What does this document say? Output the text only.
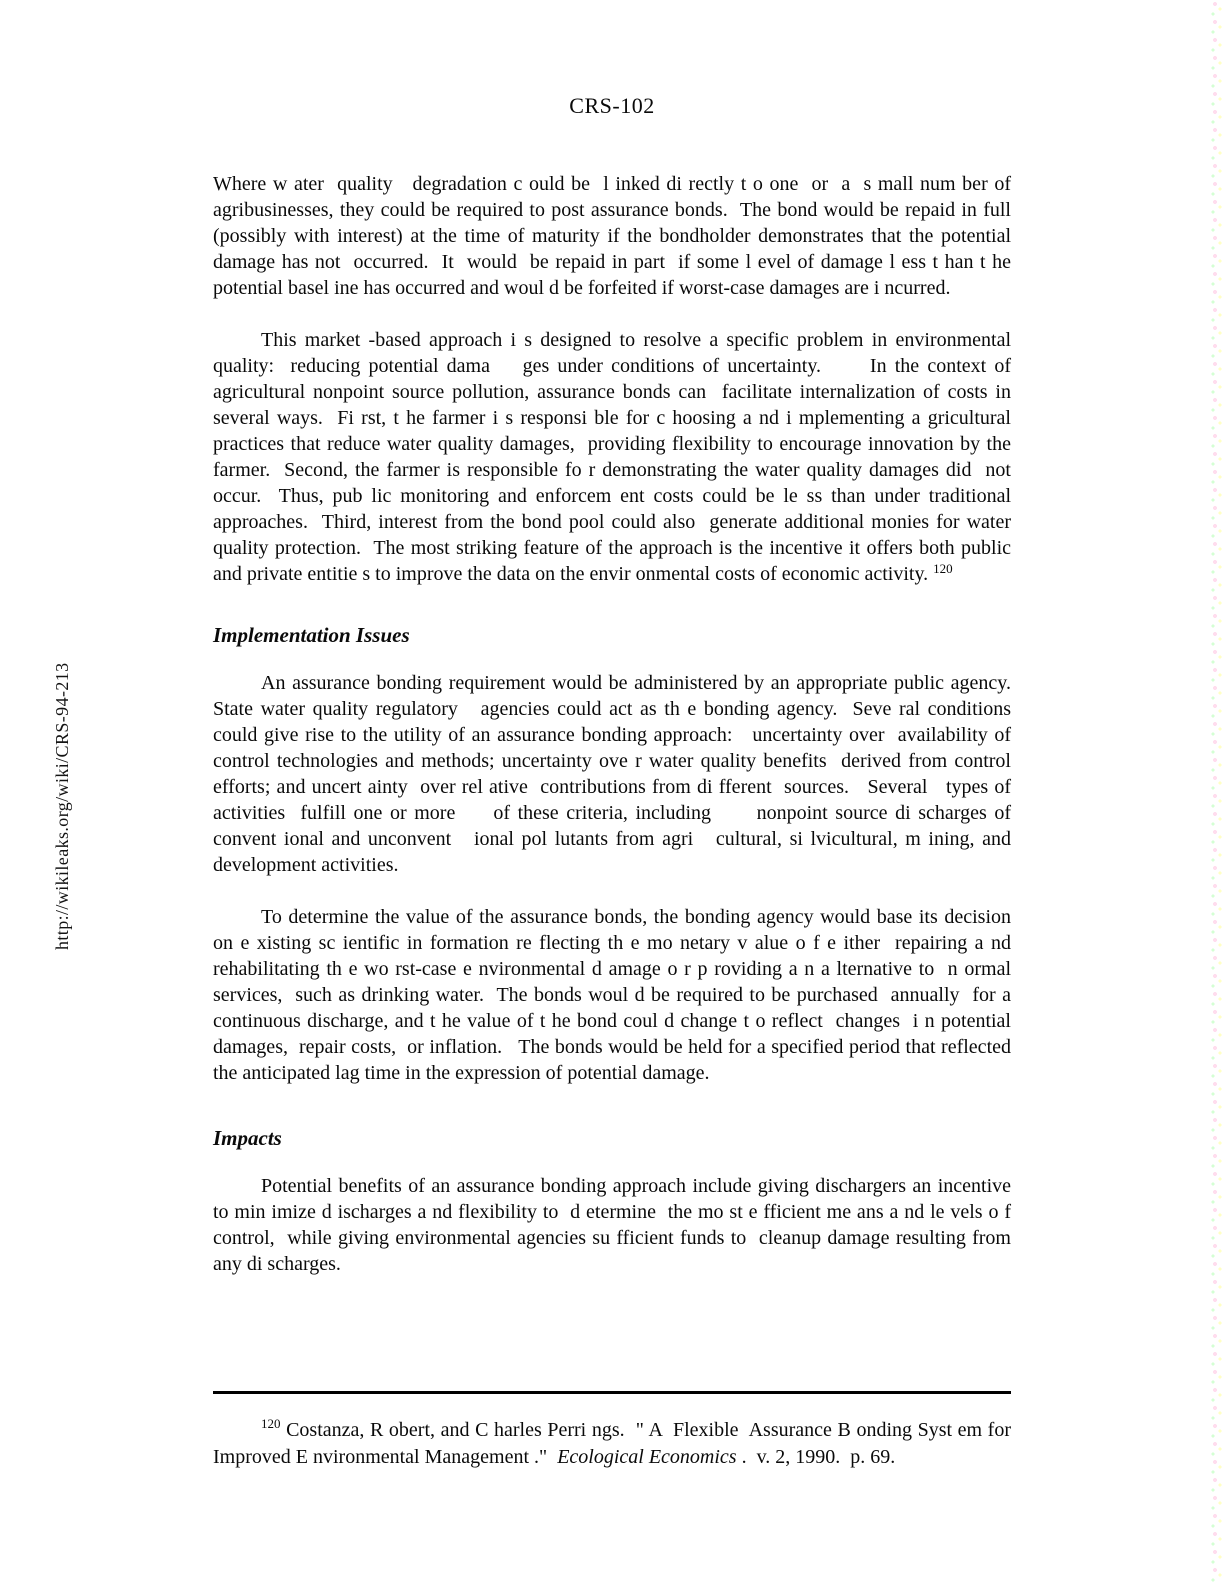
http://wikileaks.org/wiki/CRS-94-213
CRS-102

Where w ater  quality   degradation c ould be  l inked di rectly t o one  or  a  s mall num ber of agribusinesses, they could be required to post assurance bonds.  The bond would be repaid in full (possibly with interest) at the time of maturity if the bondholder demonstrates that the potential damage has not  occurred.  It  would  be repaid in part  if some l evel of damage l ess t han t he potential basel ine has occurred and woul d be forfeited if worst-case damages are i ncurred.

This market -based approach i s designed to resolve a specific problem in environmental quality:  reducing potential dama    ges under conditions of uncertainty.      In the context of agricultural nonpoint source pollution, assurance bonds can  facilitate internalization of costs in several ways.  Fi rst, t he farmer i s responsi ble for c hoosing a nd i mplementing a gricultural practices that reduce water quality damages,  providing flexibility to encourage innovation by the farmer.  Second, the farmer is responsible fo r demonstrating the water quality damages did  not occur.  Thus, pub lic monitoring and enforcem ent costs could be le ss than under traditional approaches.  Third, interest from the bond pool could also  generate additional monies for water quality protection.  The most striking feature of the approach is the incentive it offers both public and private entitie s to improve the data on the envir onmental costs of economic activity. $^{120}$

Implementation Issues

An assurance bonding requirement would be administered by an appropriate public agency. State water quality regulatory   agencies could act as th e bonding agency.  Seve ral conditions could give rise to the utility of an assurance bonding approach:   uncertainty over  availability of control technologies and methods; uncertainty ove r water quality benefits  derived from control efforts; and uncert ainty  over rel ative  contributions from di fferent  sources.   Several   types of activities  fulfill one or more     of these criteria, including      nonpoint source di scharges of convent ional and unconvent   ional pol lutants from agri   cultural, si lvicultural, m ining, and development activities.

To determine the value of the assurance bonds, the bonding agency would base its decision on e xisting sc ientific in formation re flecting th e mo netary v alue o f e ither  repairing a nd rehabilitating th e wo rst-case e nvironmental d amage o r p roviding a n a lternative to  n ormal services,  such as drinking water.  The bonds woul d be required to be purchased  annually  for a continuous discharge, and t he value of t he bond coul d change t o reflect  changes  i n potential damages,  repair costs,  or inflation.   The bonds would be held for a specified period that reflected the anticipated lag time in the expression of potential damage.

Impacts

Potential benefits of an assurance bonding approach include giving dischargers an incentive to min imize d ischarges a nd flexibility to  d etermine  the mo st e fficient me ans a nd le vels o f control,  while giving environmental agencies su fficient funds to  cleanup damage resulting from any di scharges.

$^{120}$ Costanza, R obert, and C harles Perri ngs.  " A  Flexible  Assurance B onding Syst em for Improved E nvironmental Management ."  Ecological Economics .  v. 2, 1990.  p. 69.
